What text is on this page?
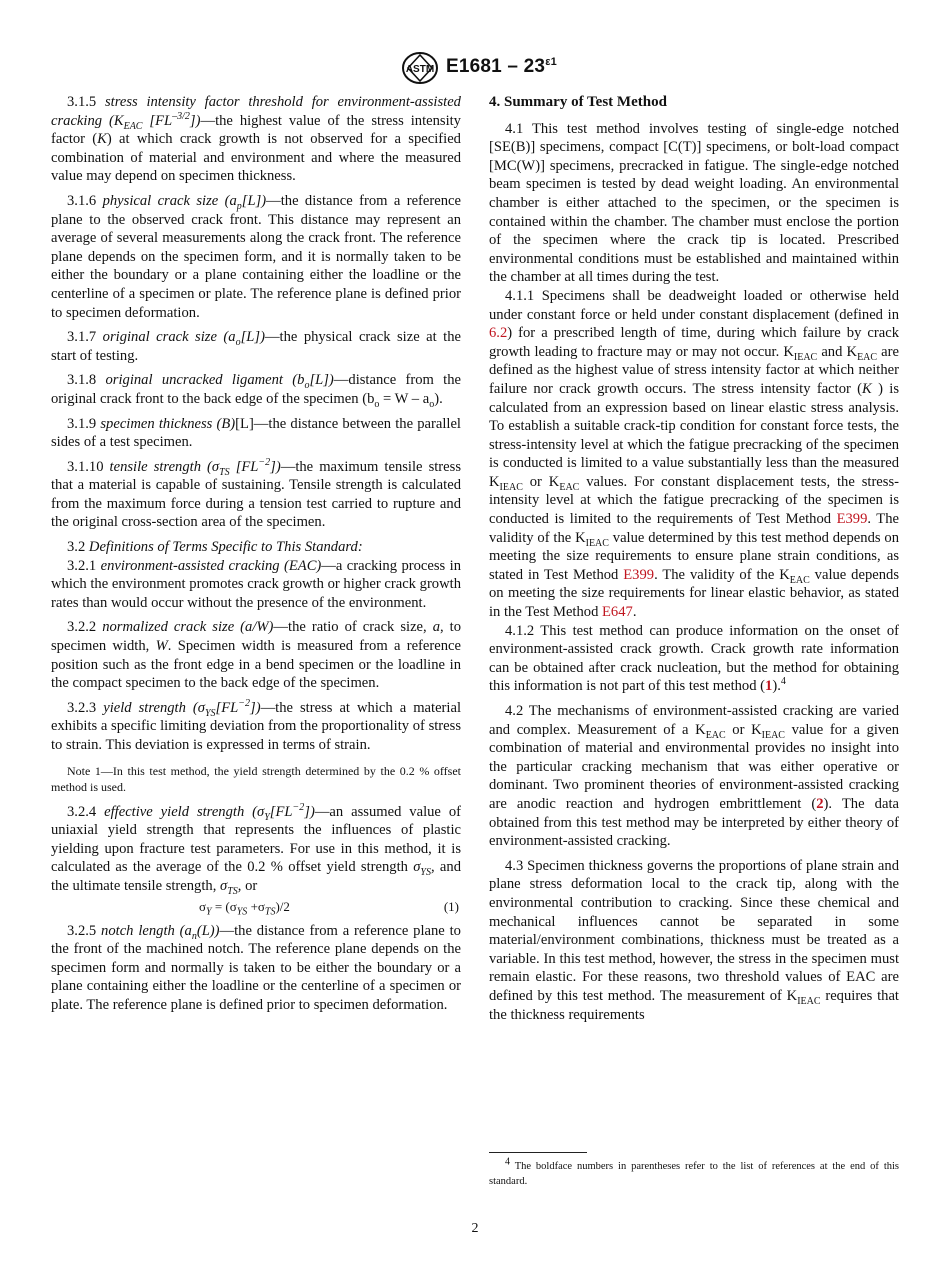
ASTM $E1681 - 23^{\varepsilon 1}$

3.1.5 stress intensity factor threshold for environment-assisted cracking ($K_{EAC}$ $[FL^{-3/2}])—the$ highest value of the stress intensity factor (K) at which crack growth is not observed for a specified combination of material and environment and where the measured value may depend on specimen thickness.

3.1.6 physical crack size $(a_p[L])—the$ distance from a reference plane to the observed crack front. This distance may represent an average of several measurements along the crack front. The reference plane depends on the specimen form, and it is normally taken to be either the boundary or a plane containing either the loadline or the centerline of a specimen or plate. The reference plane is defined prior to specimen deformation.

3.1.7 original crack size $(a_o[L])—the$ physical crack size at the start of testing.

3.1.8 original uncracked ligament $(b_o[L])—distance$ from the original crack front to the back edge of the specimen $(b_o = W - a_o)$.

3.1.9 specimen thickness (B)[L]—the distance between the parallel sides of a test specimen.

3.1.10 tensile strength ($\sigma_{TS}$ $[FL^{-2}])—the$ maximum tensile stress that a material is capable of sustaining. Tensile strength is calculated from the maximum force during a tension test carried to rupture and the original cross-section area of the specimen.

3.2 Definitions of Terms Specific to This Standard:

3.2.1 environment-assisted cracking (EAC)—a cracking process in which the environment promotes crack growth or higher crack growth rates than would occur without the presence of the environment.

3.2.2 normalized crack size (a/W)—the ratio of crack size, a, to specimen width, W. Specimen width is measured from a reference position such as the front edge in a bend specimen or the loadline in the compact specimen to the back edge of the specimen.

3.2.3 yield strength $(\sigma_{YS}[FL^{-2}])—the$ stress at which a material exhibits a specific limiting deviation from the proportionality of stress to strain. This deviation is expressed in terms of strain.

Note 1—In this test method, the yield strength determined by the 0.2 % offset method is used.

3.2.4 effective yield strength $(\sigma_Y[FL^{-2}])—an$ assumed value of uniaxial yield strength that represents the influences of plastic yielding upon fracture test parameters. For use in this method, it is calculated as the average of the 0.2 % offset yield strength $\sigma_{YS}$, and the ultimate tensile strength, $\sigma_{TS}$, or

$\sigma_Y = (\sigma_{YS} +\sigma_{TS})/2$	(1)

3.2.5 notch length $(a_n(L))—the$ distance from a reference plane to the front of the machined notch. The reference plane depends on the specimen form and normally is taken to be either the boundary or a plane containing either the loadline or the centerline of a specimen or plate. The reference plane is defined prior to specimen deformation.

4. Summary of Test Method

4.1 This test method involves testing of single-edge notched [SE(B)] specimens, compact [C(T)] specimens, or bolt-load compact [MC(W)] specimens, precracked in fatigue. The single-edge notched beam specimen is tested by dead weight loading. An environmental chamber is either attached to the specimen, or the specimen is contained within the chamber. The chamber must enclose the portion of the specimen where the crack tip is located. Prescribed environmental conditions must be established and maintained within the chamber at all times during the test.

4.1.1 Specimens shall be deadweight loaded or otherwise held under constant force or held under constant displacement (defined in 6.2) for a prescribed length of time, during which failure by crack growth leading to fracture may or may not occur. $K_{IEAC}$ and $K_{EAC}$ are defined as the highest value of stress intensity factor at which neither failure nor crack growth occurs. The stress intensity factor (K ) is calculated from an expression based on linear elastic stress analysis. To establish a suitable crack-tip condition for constant force tests, the stress-intensity level at which the fatigue precracking of the specimen is conducted is limited to a value substantially less than the measured $K_{IEAC}$ or $K_{EAC}$ values. For constant displacement tests, the stress-intensity level at which the fatigue precracking of the specimen is conducted is limited to the requirements of Test Method E399. The validity of the $K_{IEAC}$ value determined by this test method depends on meeting the size requirements to ensure plane strain conditions, as stated in Test Method E399. The validity of the $K_{EAC}$ value depends on meeting the size requirements for linear elastic behavior, as stated in the Test Method E647.

4.1.2 This test method can produce information on the onset of environment-assisted crack growth. Crack growth rate information can be obtained after crack nucleation, but the method for obtaining this information is not part of this test method (1).$^4$

4.2 The mechanisms of environment-assisted cracking are varied and complex. Measurement of a $K_{EAC}$ or $K_{IEAC}$ value for a given combination of material and environmental provides no insight into the particular cracking mechanism that was either operative or dominant. Two prominent theories of environment-assisted cracking are anodic reaction and hydrogen embrittlement (2). The data obtained from this test method may be interpreted by either theory of environment-assisted cracking.

4.3 Specimen thickness governs the proportions of plane strain and plane stress deformation local to the crack tip, along with the environmental contribution to cracking. Since these chemical and mechanical influences cannot be separated in some material/environment combinations, thickness must be treated as a variable. In this test method, however, the stress in the specimen must remain elastic. For these reasons, two threshold values of EAC are defined by this test method. The measurement of $K_{IEAC}$ requires that the thickness requirements

$^4$ The boldface numbers in parentheses refer to the list of references at the end of this standard.

2
